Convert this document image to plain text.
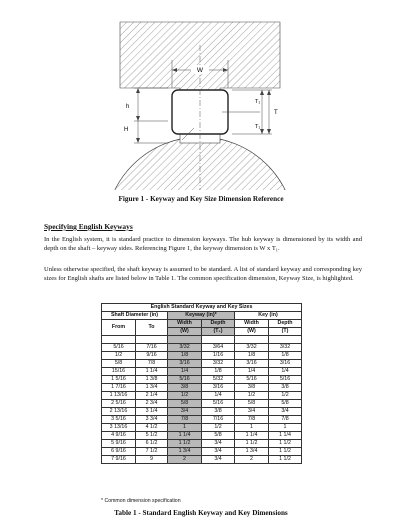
W
h
H
T₁
T
T₁
Figure 1 - Keyway and Key Size Dimension Reference
Specifying English Keyways
In the English system, it is standard practice to dimension keyways. The hub keyway is dimensioned by its width and depth on the shaft – keyway sides. Referencing Figure 1, the keyway dimension is W x T₁.
Unless otherwise specified, the shaft keyway is assumed to be standard. A list of standard keyway and corresponding key sizes for English shafts are listed below in Table 1. The common specification dimension, Keyway Size, is highlighted.
English Standard Keyway and Key Sizes					
Shaft Diameter (in)		Keyway (in)*		Key (in)	
From	To	Width	Depth	Width	Depth
		(W)	(T₁)	(W)	(T)

5/16	7/16	3/32	3/64	3/32	3/32
1/2	9/16	1/8	1/16	1/8	1/8
5/8	7/8	3/16	3/32	3/16	3/16
15/16	1 1/4	1/4	1/8	1/4	1/4
1 5/16	1 3/8	5/16	5/32	5/16	5/16
1 7/16	1 3/4	3/8	3/16	3/8	3/8
1 13/16	2 1/4	1/2	1/4	1/2	1/2
2 5/16	2 3/4	5/8	5/16	5/8	5/8
2 13/16	3 1/4	3/4	3/8	3/4	3/4
3 5/16	3 3/4	7/8	7/16	7/8	7/8
3 13/16	4 1/2	1	1/2	1	1
4 9/16	5 1/2	1 1/4	5/8	1 1/4	1 1/4
5 9/16	6 1/2	1 1/2	3/4	1 1/2	1 1/2
6 9/16	7 1/2	1 3/4	3/4	1 3/4	1 1/2
7 9/16	9	2	3/4	2	1 1/2
* Common dimension specification
Table 1 - Standard English Keyway and Key Dimensions
